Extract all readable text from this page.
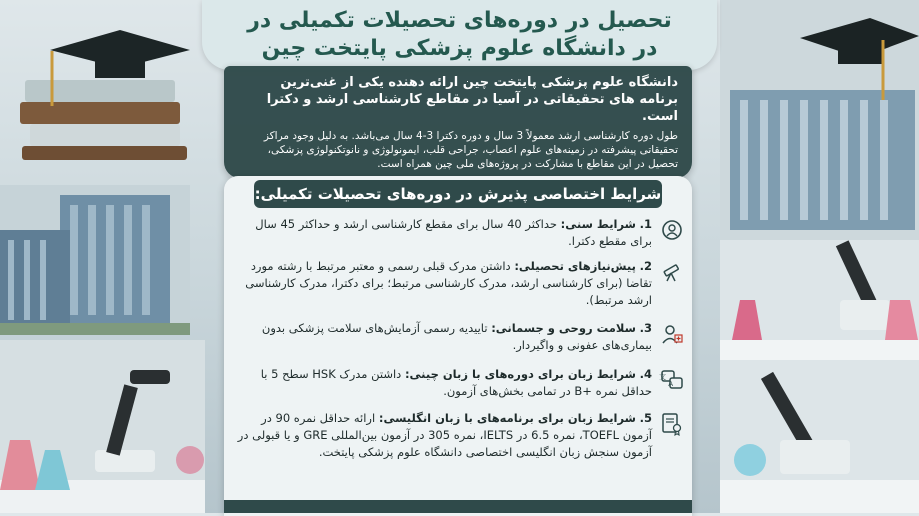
تحصیل در دوره‌های تحصیلات تکمیلی در
در دانشگاه علوم پزشکی پایتخت چین

دانشگاه علوم پزشکی پایتخت چین ارائه دهنده یکی از غنی‌ترین برنامه های تحقیقاتی در آسیا در مقاطع کارشناسی ارشد و دکترا است.

طول دوره کارشناسی ارشد معمولاً 3 سال و دوره دکترا 3-4 سال می‌باشد. به دلیل وجود مراکز تحقیقاتی پیشرفته در زمینه‌های علوم اعصاب، جراحی قلب، ایمونولوژی و نانوتکنولوژی پزشکی، تحصیل در این مقاطع با مشارکت در پروژه‌های ملی چین همراه است.

شرایط اختصاصی پذیرش در دوره‌های تحصیلات تکمیلی:
1. شرایط سنی: حداکثر 40 سال برای مقطع کارشناسی ارشد و حداکثر 45 سال برای مقطع دکترا.
2. پیش‌نیازهای تحصیلی: داشتن مدرک قبلی رسمی و معتبر مرتبط با رشته مورد تقاضا (برای کارشناسی ارشد، مدرک کارشناسی مرتبط؛ برای دکترا، مدرک کارشناسی ارشد مرتبط).
3. سلامت روحی و جسمانی: تاییدیه رسمی آزمایش‌های سلامت پزشکی بدون بیماری‌های عفونی و واگیردار.
文
A
4. شرایط زبان برای دوره‌های با زبان چینی: داشتن مدرک HSK سطح 5 با حداقل نمره +B در تمامی بخش‌های آزمون.
5. شرایط زبان برای برنامه‌های با زبان انگلیسی: ارائه حداقل نمره 90 در آزمون TOEFL، نمره 6.5 در IELTS، نمره 305 در آزمون بین‌المللی GRE و یا قبولی در آزمون سنجش زبان انگلیسی اختصاصی دانشگاه علوم پزشکی پایتخت.
